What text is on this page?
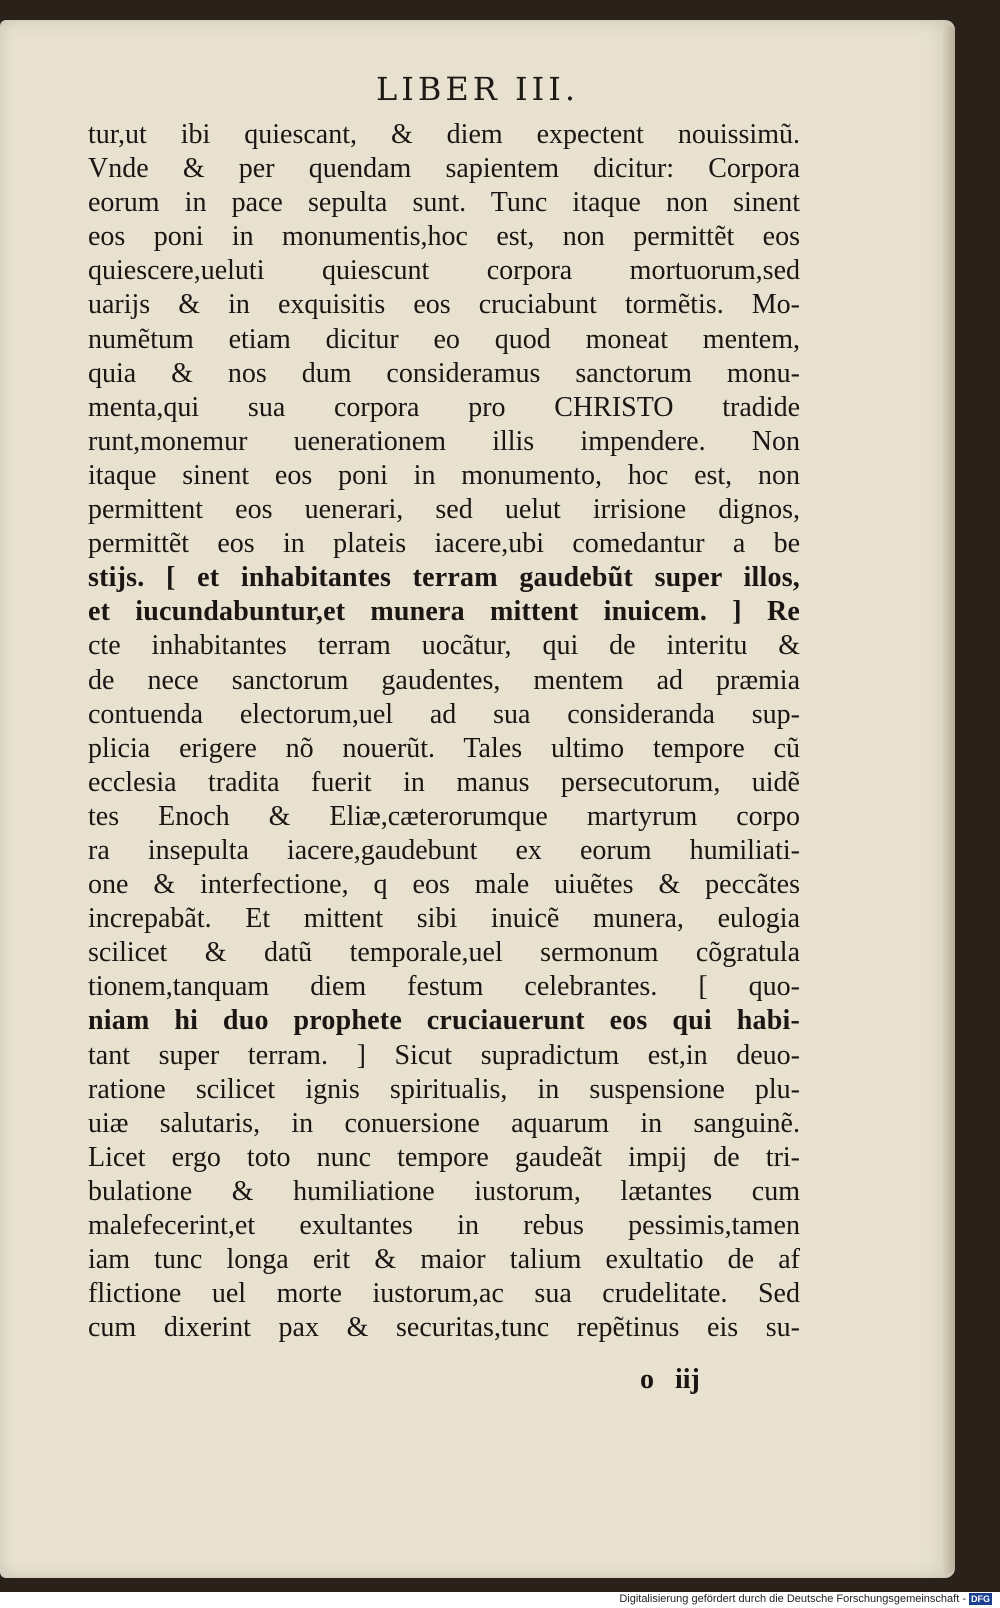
LIBER III.
tur,ut ibi quiescant, & diem expectent nouissimũ.
Vnde & per quendam sapientem dicitur: Corpora
eorum in pace sepulta sunt. Tunc itaque non sinent
eos poni in monumentis,hoc est, non permittẽt eos
quiescere,ueluti quiescunt corpora mortuorum,sed
uarijs & in exquisitis eos cruciabunt tormẽtis. Mo-
numẽtum etiam dicitur eo quod moneat mentem,
quia & nos dum consideramus sanctorum monu-
menta,qui sua corpora pro CHRISTO tradide
runt,monemur uenerationem illis impendere. Non
itaque sinent eos poni in monumento, hoc est, non
permittent eos uenerari, sed uelut irrisione dignos,
permittẽt eos in plateis iacere,ubi comedantur a be
stijs. [ et inhabitantes terram gaudebũt super illos,
et iucundabuntur,et munera mittent inuicem. ] Re
cte inhabitantes terram uocãtur, qui de interitu &
de nece sanctorum gaudentes, mentem ad præmia
contuenda electorum,uel ad sua consideranda sup-
plicia erigere nõ nouerũt. Tales ultimo tempore cũ
ecclesia tradita fuerit in manus persecutorum, uidẽ
tes Enoch & Eliæ,cæterorumque martyrum corpo
ra insepulta iacere,gaudebunt ex eorum humiliati-
one & interfectione, q eos male uiuẽtes & peccãtes
increpabãt. Et mittent sibi inuicẽ munera, eulogia
scilicet & datũ temporale,uel sermonum cõgratula
tionem,tanquam diem festum celebrantes. [ quo-
niam hi duo prophete cruciauerunt eos qui habi-
tant super terram. ] Sicut supradictum est,in deuo-
ratione scilicet ignis spiritualis, in suspensione plu-
uiæ salutaris, in conuersione aquarum in sanguinẽ.
Licet ergo toto nunc tempore gaudeãt impij de tri-
bulatione & humiliatione iustorum, lætantes cum
malefecerint,et exultantes in rebus pessimis,tamen
iam tunc longa erit & maior talium exultatio de af
flictione uel morte iustorum,ac sua crudelitate. Sed
cum dixerint pax & securitas,tunc repẽtinus eis su-
o iij
Digitalisierung gefördert durch die Deutsche Forschungsgemeinschaft - DFG
